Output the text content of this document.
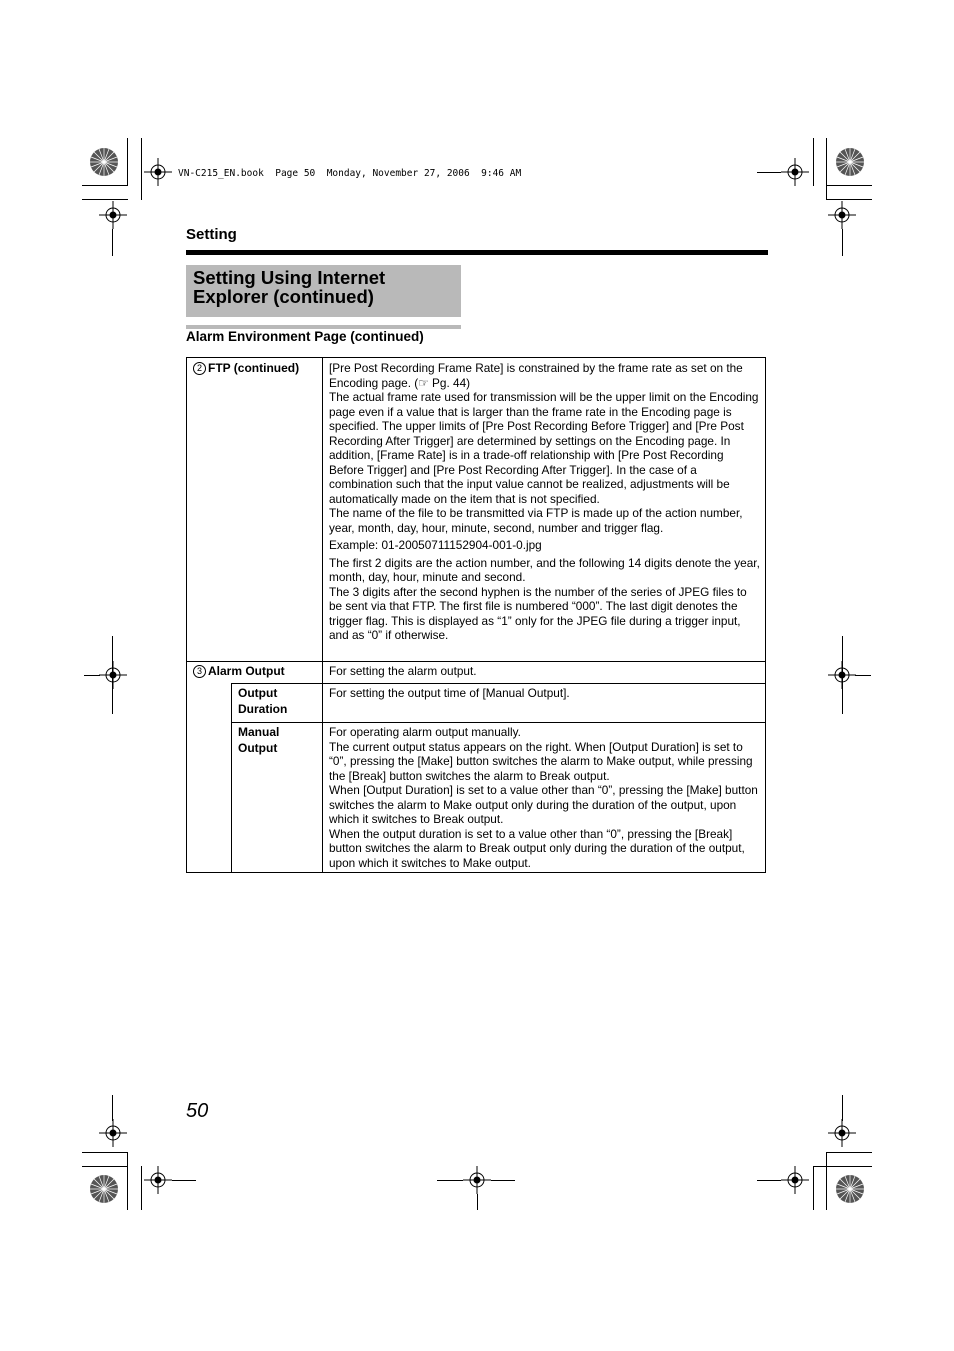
VN-C215_EN.book  Page 50  Monday, November 27, 2006  9:46 AM
Setting
Setting Using Internet
Explorer (continued)
Alarm Environment Page (continued)
2 FTP (continued)	[Pre Post Recording Frame Rate] is constrained by the frame rate as set on the Encoding page. (☞ Pg. 44)
The actual frame rate used for transmission will be the upper limit on the Encoding page even if a value that is larger than the frame rate in the Encoding page is specified. The upper limits of [Pre Post Recording Before Trigger] and [Pre Post Recording After Trigger] are determined by settings on the Encoding page. In addition, [Frame Rate] is in a trade-off relationship with [Pre Post Recording Before Trigger] and [Pre Post Recording After Trigger]. In the case of a combination such that the input value cannot be realized, adjustments will be automatically made on the item that is not specified.
The name of the file to be transmitted via FTP is made up of the action number, year, month, day, hour, minute, second, number and trigger flag.
Example: 01-20050711152904-001-0.jpg
The first 2 digits are the action number, and the following 14 digits denote the year, month, day, hour, minute and second.
The 3 digits after the second hyphen is the number of the series of JPEG files to be sent via that FTP. The first file is numbered “000”. The last digit denotes the trigger flag. This is displayed as “1” only for the JPEG file during a trigger input, and as “0” if otherwise.
3 Alarm Output	For setting the alarm output.
Output
Duration
For setting the output time of [Manual Output].
Manual
Output
For operating alarm output manually.
The current output status appears on the right. When [Output Duration] is set to “0”, pressing the [Make] button switches the alarm to Make output, while pressing the [Break] button switches the alarm to Break output.
When [Output Duration] is set to a value other than “0”, pressing the [Make] button switches the alarm to Make output only during the duration of the output, upon which it switches to Break output.
When the output duration is set to a value other than “0”, pressing the [Break] button switches the alarm to Break output only during the duration of the output, upon which it switches to Make output.
50
